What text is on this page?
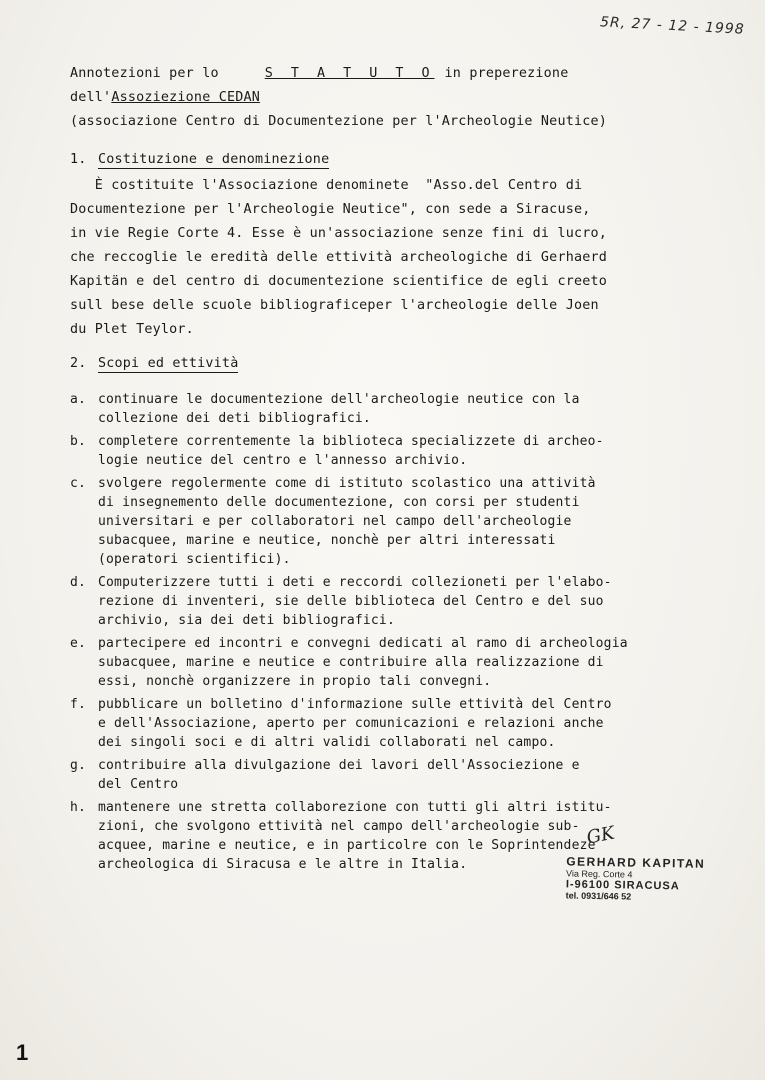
5R, 27 - 12 - 1998
Annotezioni per lo	S T A T U T O in preperezione
dell'Assoziezione CEDAN
(associazione Centro di Documentezione per l'Archeologie Neutice)
1. Costituzione e denominezione
È costituite l'Associazione denominete  "Asso.del Centro di
Documentezione per l'Archeologie Neutice", con sede a Siracuse,
in vie Regie Corte 4. Esse è un'associazione senze fini di lucro,
che reccoglie le eredità delle ettività archeologiche di Gerhaerd
Kapitän e del centro di documentezione scientifice de egli creeto
sull bese delle scuole bibliograficeper l'archeologie delle Joen
du Plet Teylor.
2. Scopi ed ettività
a. continuare le documentezione dell'archeologie neutice con la
collezione dei deti bibliografici.
b. completere correntemente la biblioteca specializzete di archeo-
logie neutice del centro e l'annesso archivio.
c. svolgere regolermente come di istituto scolastico una attività
di insegnemento delle documentezione, con corsi per studenti
universitari e per collaboratori nel campo dell'archeologie
subacquee, marine e neutice, nonchè per altri interessati
(operatori scientifici).
d. Computerizzere tutti i deti e reccordi collezioneti per l'elabo-
rezione di inventeri, sie delle biblioteca del Centro e del suo
archivio, sia dei deti bibliografici.
e. partecipere ed incontri e convegni dedicati al ramo di archeologia
subacquee, marine e neutice e contribuire alla realizzazione di
essi, nonchè organizzere in propio tali convegni.
f. pubblicare un bolletino d'informazione sulle ettività del Centro
e dell'Associazione, aperto per comunicazioni e relazioni anche
dei singoli soci e di altri validi collaborati nel campo.
g. contribuire alla divulgazione dei lavori dell'Associezione e
del Centro
h. mantenere une stretta collaborezione con tutti gli altri istitu-
zioni, che svolgono ettività nel campo dell'archeologie sub-
acquee, marine e neutice, e in particolre con le Soprintendeze
archeologica di Siracusa e le altre in Italia.
GK
GERHARD KAPITAN
Via Reg. Corte 4
I-96100 SIRACUSA
tel. 0931/646 52
1
